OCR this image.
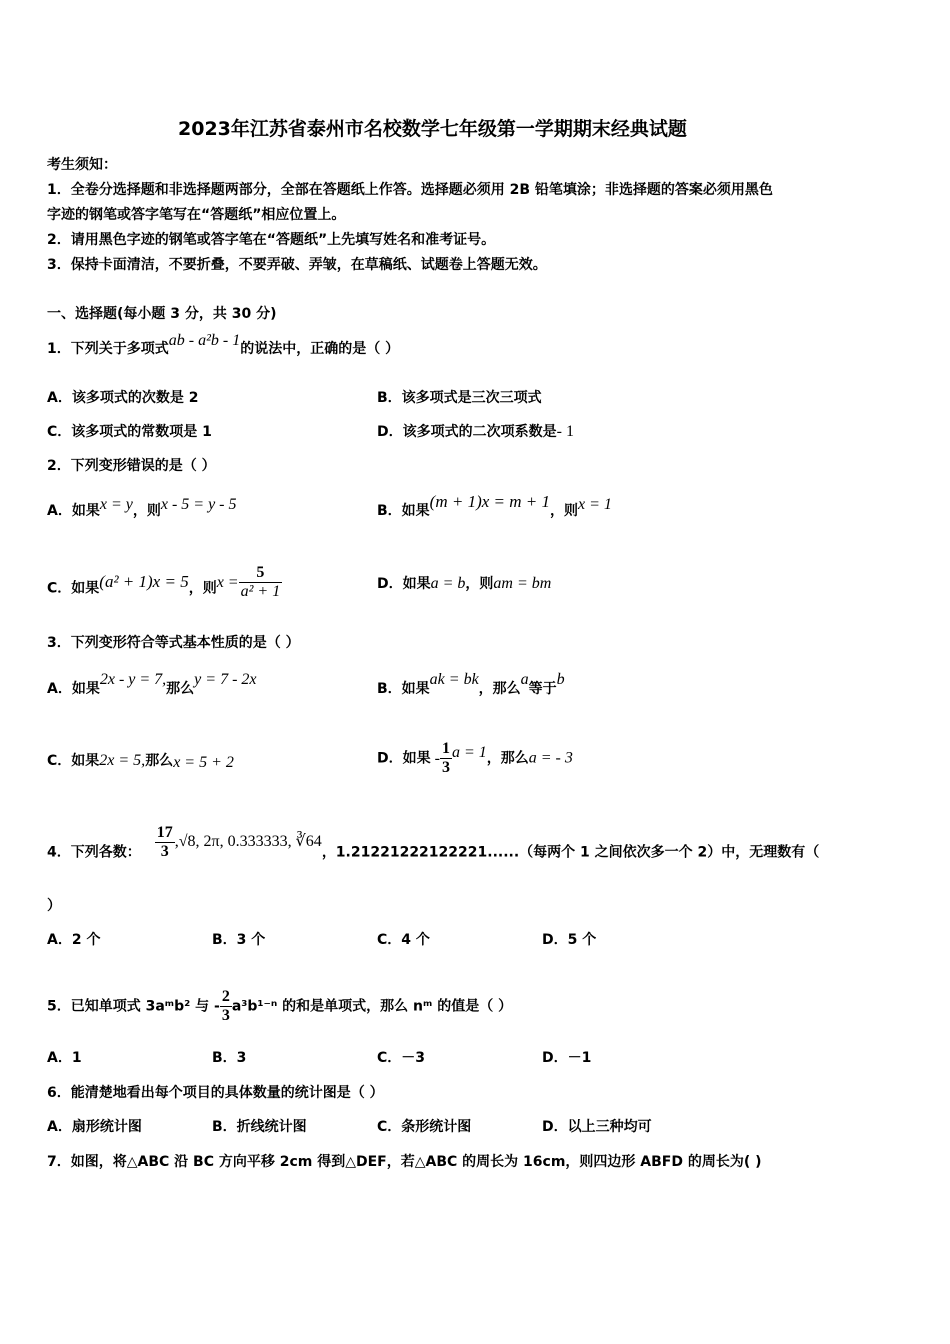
2023年江苏省泰州市名校数学七年级第一学期期末经典试题
考生须知：
1．全卷分选择题和非选择题两部分，全部在答题纸上作答。选择题必须用 2B 铅笔填涂；非选择题的答案必须用黑色
字迹的钢笔或答字笔写在“答题纸”相应位置上。
2．请用黑色字迹的钢笔或答字笔在“答题纸”上先填写姓名和准考证号。
3．保持卡面清洁，不要折叠，不要弄破、弄皱，在草稿纸、试题卷上答题无效。
一、选择题(每小题 3 分，共 30 分)
1．下列关于多项式ab - a²b - 1的说法中，正确的是（ ）
A．该多项式的次数是 2	B．该多项式是三次三项式
C．该多项式的常数项是 1	D．该多项式的二次项系数是- 1
2．下列变形错误的是（ ）
A．如果x = y，则x - 5 = y - 5	B．如果(m + 1)x = m + 1，则x = 1
C．如果(a² + 1)x = 5，则$x = \frac{5}{\text{a² + 1}}$	D．如果a = b，则am = bm
3．下列变形符合等式基本性质的是（ ）
A．如果2x - y = 7,那么y = 7 - 2x
B．如果ak = bk，那么a等于b
C．如果2x = 5,那么x = 5 + 2	D．如果 - $\frac{1}{3}$ a = 1，那么a = - 3
4．下列各数： $\frac{17}{3} ,√8$, 2π, 0.333333, ∛64，1.21221222122221......（每两个 1 之间依次多一个 2）中，无理数有（
）
A．2 个	B．3 个	C．4 个	D．5 个
5．已知单项式 3aᵐb² 与 - $\frac{2}{3} a^3b^{1-n}$ 的和是单项式，那么 nᵐ 的值是（ ）
A．1	B．3	C．－3	D．－1
6．能清楚地看出每个项目的具体数量的统计图是（ ）
A．扇形统计图	B．折线统计图	C．条形统计图	D．以上三种均可
7．如图，将△ABC 沿 BC 方向平移 2cm 得到△DEF，若△ABC 的周长为 16cm，则四边形 ABFD 的周长为( )
